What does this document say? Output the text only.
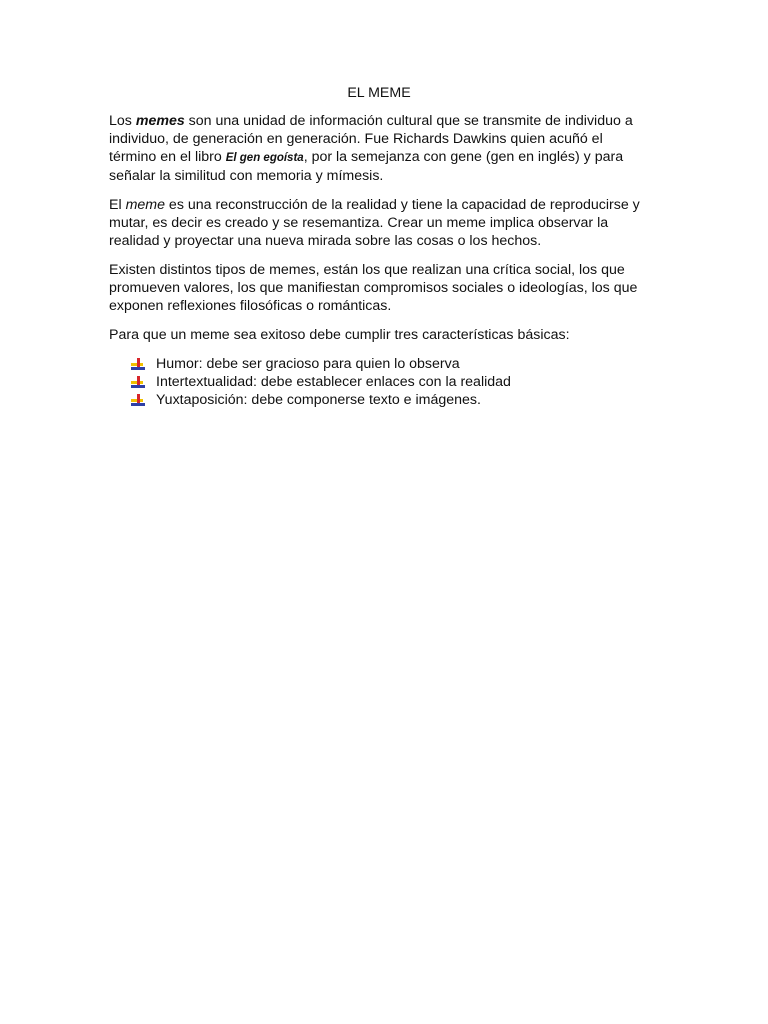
EL MEME

Los memes son una unidad de información cultural que se transmite de individuo a individuo, de generación en generación. Fue Richards Dawkins quien acuñó el término en el libro El gen egoísta, por la semejanza con gene (gen en inglés) y para señalar la similitud con memoria y mímesis.

El meme es una reconstrucción de la realidad y tiene la capacidad de reproducirse y mutar, es decir es creado y se resemantiza. Crear un meme implica observar la realidad y proyectar una nueva mirada sobre las cosas o los hechos.

Existen distintos tipos de memes, están los que realizan una crítica social, los que promueven valores, los que manifiestan compromisos sociales o ideologías, los que exponen reflexiones filosóficas o románticas.

Para que un meme sea exitoso debe cumplir tres características básicas:

Humor: debe ser gracioso para quien lo observa
Intertextualidad: debe establecer enlaces con la realidad
Yuxtaposición: debe componerse texto e imágenes.
